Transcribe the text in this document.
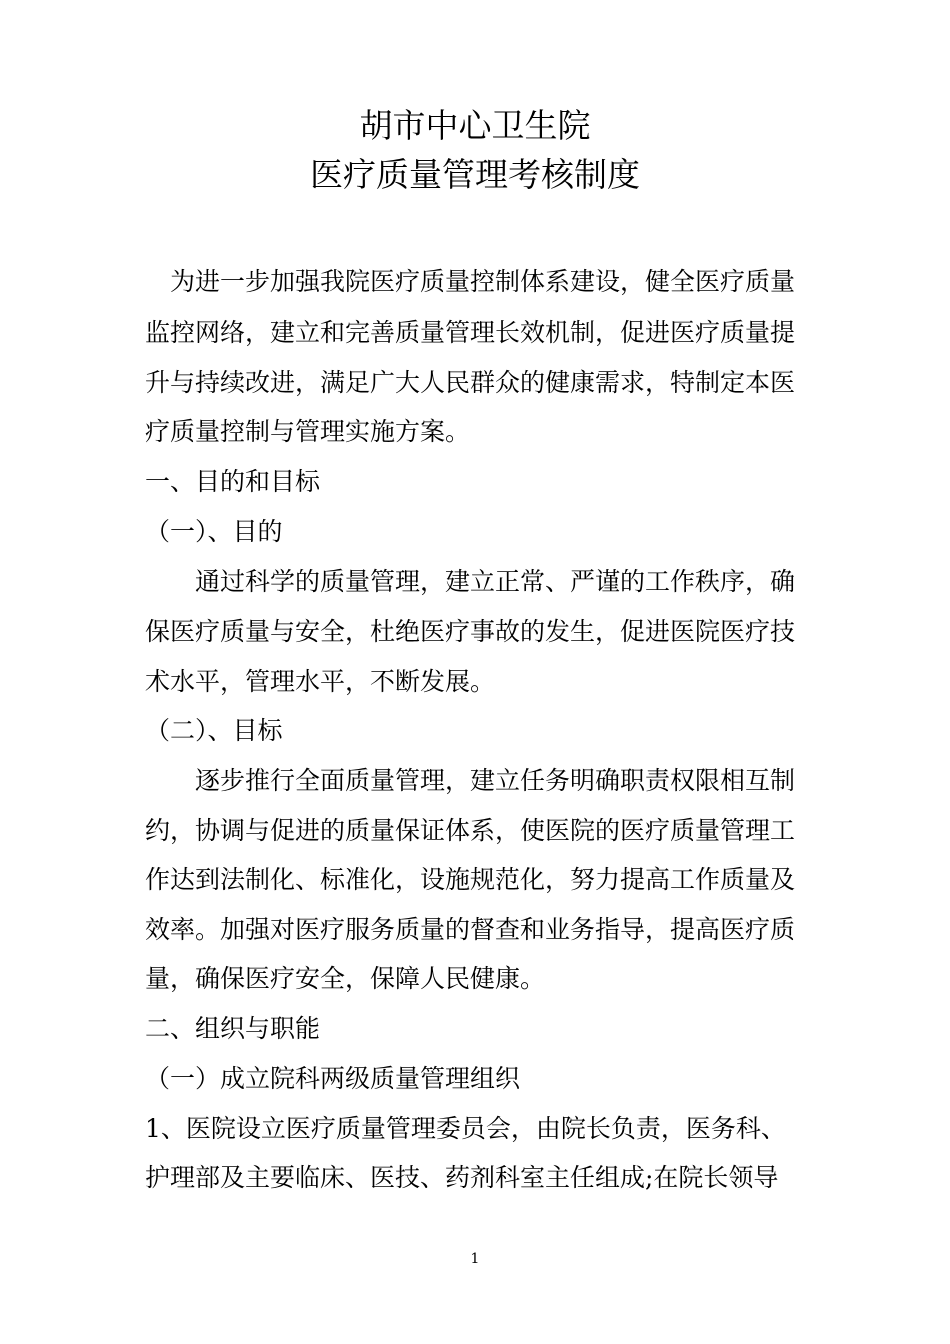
胡市中心卫生院
医疗质量管理考核制度
　为进一步加强我院医疗质量控制体系建设，健全医疗质量
监控网络，建立和完善质量管理长效机制，促进医疗质量提
升与持续改进，满足广大人民群众的健康需求，特制定本医
疗质量控制与管理实施方案。
一、目的和目标
（一）、目的
　　通过科学的质量管理，建立正常、严谨的工作秩序，确
保医疗质量与安全，杜绝医疗事故的发生，促进医院医疗技
术水平，管理水平，不断发展。
（二）、目标
　　逐步推行全面质量管理，建立任务明确职责权限相互制
约，协调与促进的质量保证体系，使医院的医疗质量管理工
作达到法制化、标准化，设施规范化，努力提高工作质量及
效率。加强对医疗服务质量的督查和业务指导，提高医疗质
量，确保医疗安全，保障人民健康。
二、组织与职能
（一）成立院科两级质量管理组织
1、医院设立医疗质量管理委员会，由院长负责，医务科、
护理部及主要临床、医技、药剂科室主任组成;在院长领导
1
